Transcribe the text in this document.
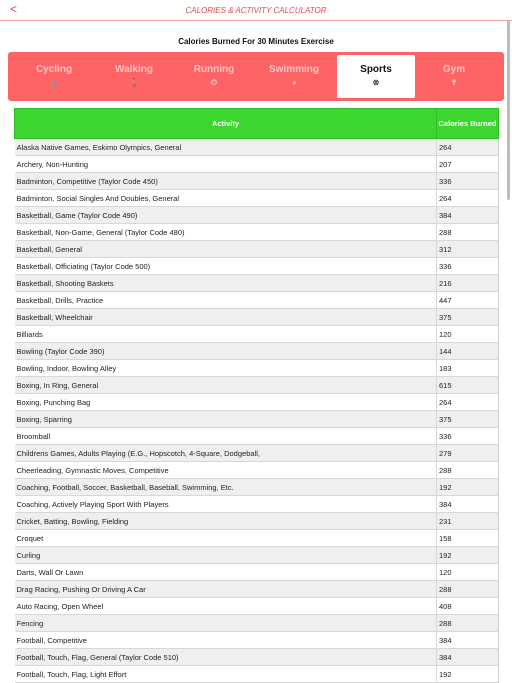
<	CALORIES & ACTIVITY CALCULATOR
Calories Burned For 30 Minutes Exercise
Cycling
🚲
Walking
🚶
Running
⏱
Swimming
◕
Sports
⊗
Gym
✝
Activity	Calories Burned
Alaska Native Games, Eskimo Olympics, General	264
Archery, Non-Hunting	207
Badminton, Competitive (Taylor Code 450)	336
Badminton, Social Singles And Doubles, General	264
Basketball, Game (Taylor Code 490)	384
Basketball, Non-Game, General (Taylor Code 480)	288
Basketball, General	312
Basketball, Officiating (Taylor Code 500)	336
Basketball, Shooting Baskets	216
Basketball, Drills, Practice	447
Basketball, Wheelchair	375
Billiards	120
Bowling (Taylor Code 390)	144
Bowling, Indoor, Bowling Alley	183
Boxing, In Ring, General	615
Boxing, Punching Bag	264
Boxing, Sparring	375
Broomball	336
Childrens Games, Adults Playing (E.G., Hopscotch, 4-Square, Dodgeball,	279
Cheerleading, Gymnastic Moves, Competitive	288
Coaching, Football, Soccer, Basketball, Baseball, Swimming, Etc.	192
Coaching, Actively Playing Sport With Players	384
Cricket, Batting, Bowling, Fielding	231
Croquet	158
Curling	192
Darts, Wall Or Lawn	120
Drag Racing, Pushing Or Driving A Car	288
Auto Racing, Open Wheel	408
Fencing	288
Football, Competitive	384
Football, Touch, Flag, General (Taylor Code 510)	384
Football, Touch, Flag, Light Effort	192
